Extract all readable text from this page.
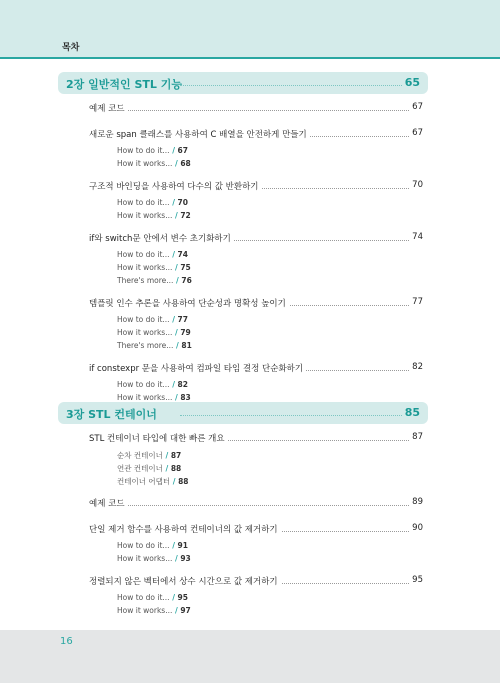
목차
2장 일반적인 STL 기능	65
예제 코드	67
새로운 span 클래스를 사용하여 C 배열을 안전하게 만들기	67
How to do it... / 67
How it works... / 68
구조적 바인딩을 사용하여 다수의 값 반환하기	70
How to do it... / 70
How it works... / 72
if와 switch문 안에서 변수 초기화하기	74
How to do it... / 74
How it works... / 75
There's more... / 76
템플릿 인수 추론을 사용하여 단순성과 명확성 높이기	77
How to do it... / 77
How it works... / 79
There's more... / 81
if constexpr 문을 사용하여 컴파일 타임 결정 단순화하기	82
How to do it... / 82
How it works... / 83
3장 STL 컨테이너	85
STL 컨테이너 타입에 대한 빠른 개요	87
순차 컨테이너 / 87
연관 컨테이너 / 88
컨테이너 어댑터 / 88
예제 코드	89
단일 제거 함수를 사용하여 컨테이너의 값 제거하기	90
How to do it... / 91
How it works... / 93
정렬되지 않은 벡터에서 상수 시간으로 값 제거하기	95
How to do it... / 95
How it works... / 97
16
